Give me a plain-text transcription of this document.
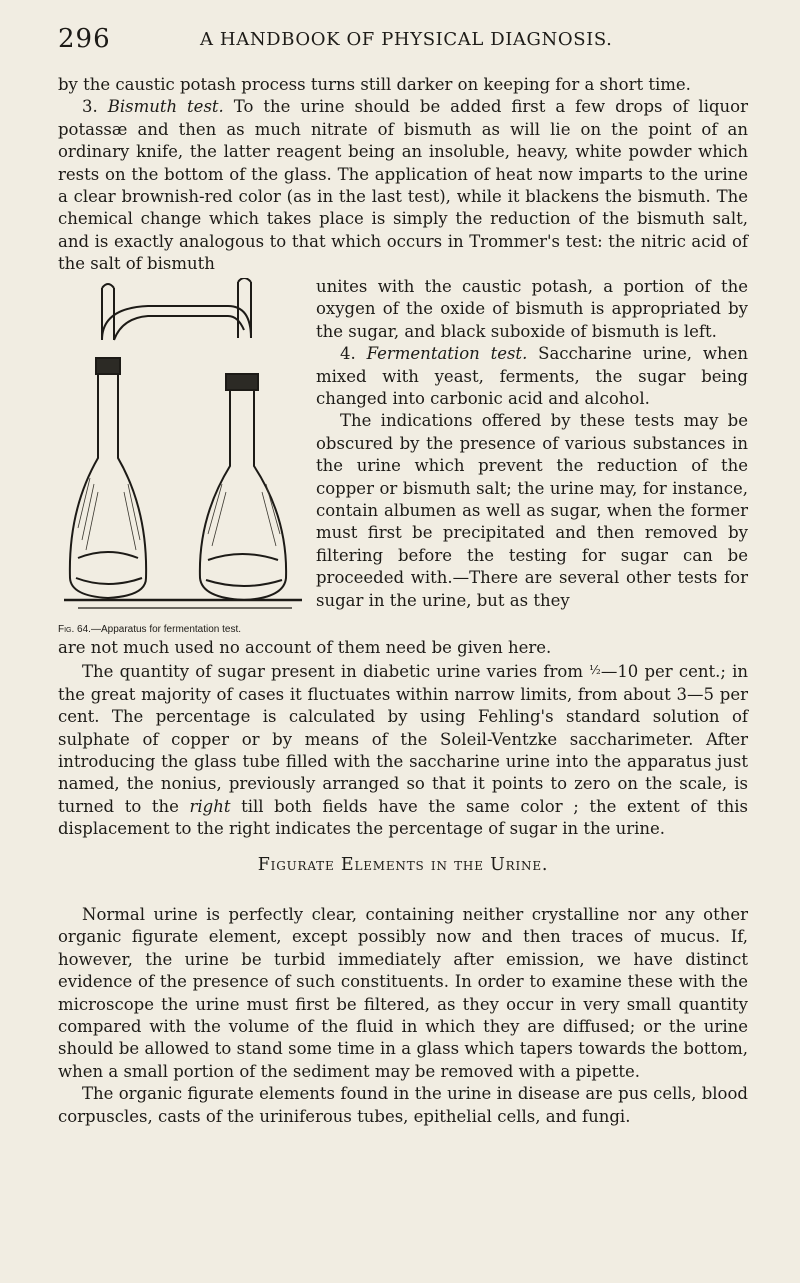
296	A HANDBOOK OF PHYSICAL DIAGNOSIS.

by the caustic potash process turns still darker on keeping for a short time.

3. Bismuth test. To the urine should be added first a few drops of liquor potassæ and then as much nitrate of bismuth as will lie on the point of an ordinary knife, the latter reagent being an insoluble, heavy, white powder which rests on the bottom of the glass. The application of heat now imparts to the urine a clear brownish-red color (as in the last test), while it blackens the bismuth. The chemical change which takes place is simply the reduction of the bismuth salt, and is exactly analogous to that which occurs in Trommer's test: the nitric acid of the salt of bismuth

unites with the caustic potash, a portion of the oxygen of the oxide of bismuth is appropriated by the sugar, and black suboxide of bismuth is left.

4. Fermentation test. Saccharine urine, when mixed with yeast, ferments, the sugar being changed into carbonic acid and alcohol.

The indications offered by these tests may be obscured by the presence of various substances in the urine which prevent the reduction of the copper or bismuth salt; the urine may, for instance, contain albumen as well as sugar, when the former must first be precipitated and then removed by filtering before the testing for sugar can be proceeded with.—There are several other tests for sugar in the urine, but as they

Fig. 64.—Apparatus for fermentation test.

are not much used no account of them need be given here.

The quantity of sugar present in diabetic urine varies from ½—10 per cent.; in the great majority of cases it fluctuates within narrow limits, from about 3—5 per cent. The percentage is calculated by using Fehling's standard solution of sulphate of copper or by means of the Soleil-Ventzke saccharimeter. After introducing the glass tube filled with the saccharine urine into the apparatus just named, the nonius, previously arranged so that it points to zero on the scale, is turned to the right till both fields have the same color ; the extent of this displacement to the right indicates the percentage of sugar in the urine.

Figurate Elements in the Urine.

Normal urine is perfectly clear, containing neither crystalline nor any other organic figurate element, except possibly now and then traces of mucus. If, however, the urine be turbid immediately after emission, we have distinct evidence of the presence of such constituents. In order to examine these with the microscope the urine must first be filtered, as they occur in very small quantity compared with the volume of the fluid in which they are diffused; or the urine should be allowed to stand some time in a glass which tapers towards the bottom, when a small portion of the sediment may be removed with a pipette.

The organic figurate elements found in the urine in disease are pus cells, blood corpuscles, casts of the uriniferous tubes, epithelial cells, and fungi.
